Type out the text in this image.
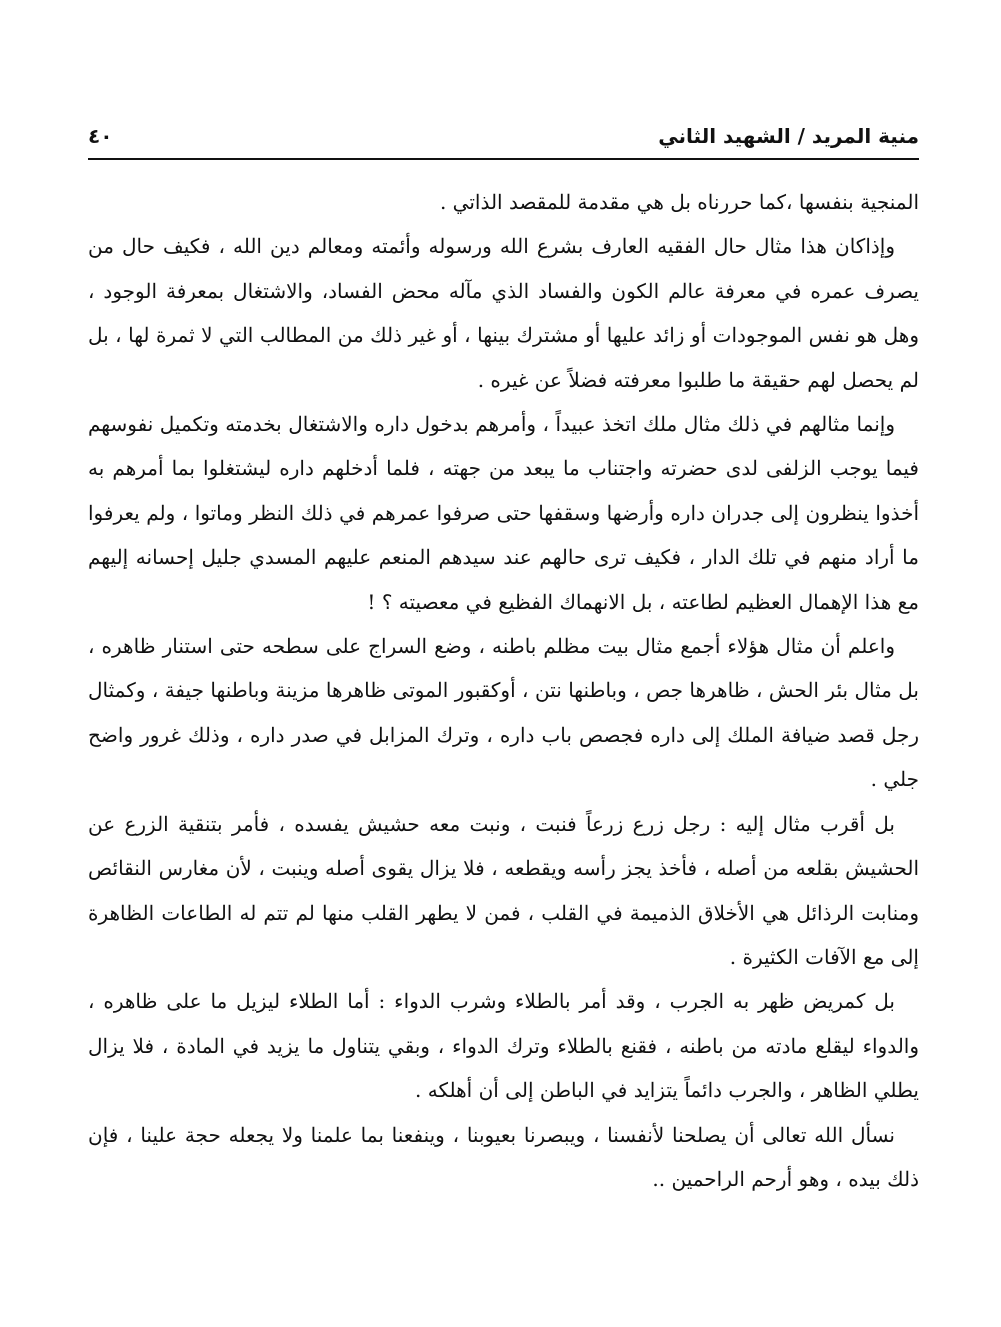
منية المريد / الشهيد الثاني
٤٠

المنجية بنفسها ،كما حررناه بل هي مقدمة للمقصد الذاتي .

وإذاكان هذا مثال حال الفقيه العارف بشرع الله ورسوله وأئمته ومعالم دين الله ، فكيف حال من يصرف عمره في معرفة عالم الكون والفساد الذي مآله محض الفساد، والاشتغال بمعرفة الوجود ، وهل هو نفس الموجودات أو زائد عليها أو مشترك بينها ، أو غير ذلك من المطالب التي لا ثمرة لها ، بل لم يحصل لهم حقيقة ما طلبوا معرفته فضلاً عن غيره .

وإنما مثالهم في ذلك مثال ملك اتخذ عبيداً ، وأمرهم بدخول داره والاشتغال بخدمته وتكميل نفوسهم فيما يوجب الزلفى لدى حضرته واجتناب ما يبعد من جهته ، فلما أدخلهم داره ليشتغلوا بما أمرهم به أخذوا ينظرون إلى جدران داره وأرضها وسقفها حتى صرفوا عمرهم في ذلك النظر وماتوا ، ولم يعرفوا ما أراد منهم في تلك الدار ، فكيف ترى حالهم عند سيدهم المنعم عليهم المسدي جليل إحسانه إليهم مع هذا الإهمال العظيم لطاعته ، بل الانهماك الفظيع في معصيته ؟ !

واعلم أن مثال هؤلاء أجمع مثال بيت مظلم باطنه ، وضع السراج على سطحه حتى استنار ظاهره ، بل مثال بئر الحش ، ظاهرها جص ، وباطنها نتن ، أوكقبور الموتى ظاهرها مزينة وباطنها جيفة ، وكمثال رجل قصد ضيافة الملك إلى داره فجصص باب داره ، وترك المزابل في صدر داره ، وذلك غرور واضح جلي .

بل أقرب مثال إليه : رجل زرع زرعاً فنبت ، ونبت معه حشيش يفسده ، فأمر بتنقية الزرع عن الحشيش بقلعه من أصله ، فأخذ يجز رأسه ويقطعه ، فلا يزال يقوى أصله وينبت ، لأن مغارس النقائص ومنابت الرذائل هي الأخلاق الذميمة في القلب ، فمن لا يطهر القلب منها لم تتم له الطاعات الظاهرة إلى مع الآفات الكثيرة .

بل كمريض ظهر به الجرب ، وقد أمر بالطلاء وشرب الدواء : أما الطلاء ليزيل ما على ظاهره ، والدواء ليقلع مادته من باطنه ، فقنع بالطلاء وترك الدواء ، وبقي يتناول ما يزيد في المادة ، فلا يزال يطلي الظاهر ، والجرب دائماً يتزايد في الباطن إلى أن أهلكه .

نسأل الله تعالى أن يصلحنا لأنفسنا ، ويبصرنا بعيوبنا ، وينفعنا بما علمنا ولا يجعله حجة علينا ، فإن ذلك بيده ، وهو أرحم الراحمين ..
